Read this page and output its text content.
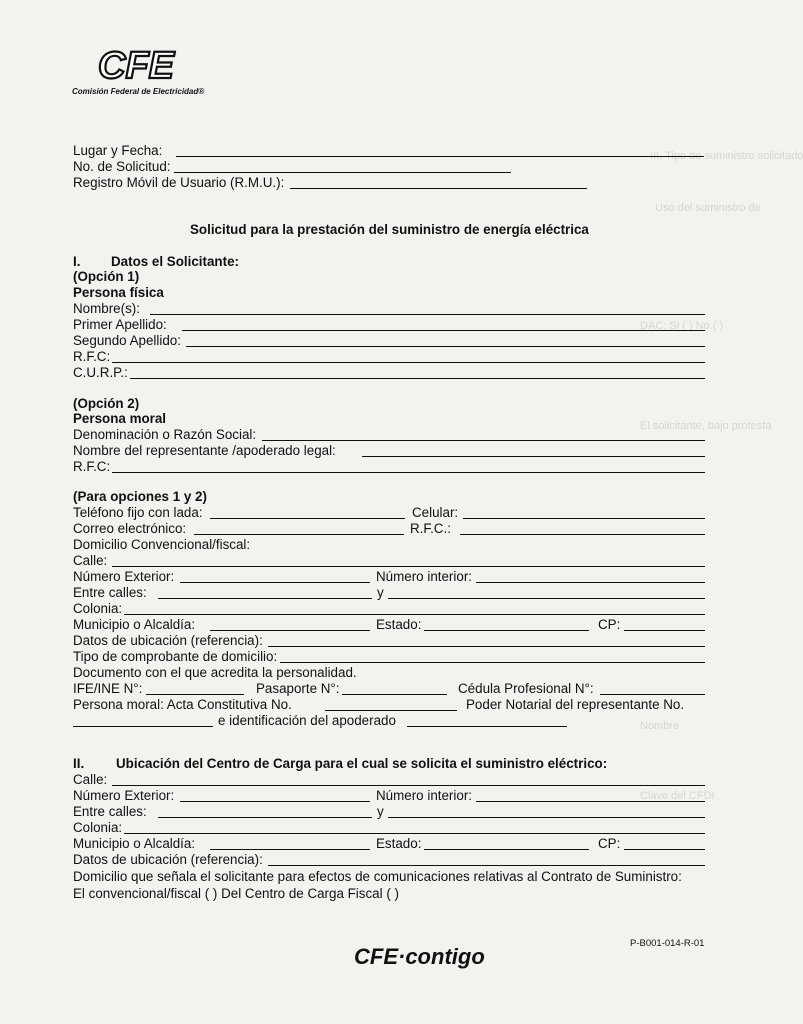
III. Tipo de suministro solicitado
Uso del suministro de
DAC; Si ( ) No ( )
El solicitante, bajo protesta
Nombre
Clave del CFDI
CFE
Comisión Federal de Electricidad®
Lugar y Fecha:
No. de Solicitud:
Registro Móvil de Usuario (R.M.U.):
Solicitud para la prestación del suministro de energía eléctrica
I. Datos el Solicitante:
(Opción 1)
Persona física
Nombre(s):
Primer Apellido:
Segundo Apellido:
R.F.C:
C.U.R.P.:
(Opción 2)
Persona moral
Denominación o Razón Social:
Nombre del representante /apoderado legal:
R.F.C:
(Para opciones 1 y 2)
Teléfono fijo con lada:	Celular:
Correo electrónico:	R.F.C.:
Domicilio Convencional/fiscal:
Calle:
Número Exterior:	Número interior:
Entre calles:	y
Colonia:
Municipio o Alcaldía:	Estado:	CP:
Datos de ubicación (referencia):
Tipo de comprobante de domicilio:
Documento con el que acredita la personalidad.
IFE/INE N°:	Pasaporte N°:	Cédula Profesional N°:
Persona moral: Acta Constitutiva No.	Poder Notarial del representante No.
e identificación del apoderado
II. Ubicación del Centro de Carga para el cual se solicita el suministro eléctrico:
Calle:
Número Exterior:	Número interior:
Entre calles:	y
Colonia:
Municipio o Alcaldía:	Estado:	CP:
Datos de ubicación (referencia):
Domicilio que señala el solicitante para efectos de comunicaciones relativas al Contrato de Suministro:
El convencional/fiscal ( ) Del Centro de Carga Fiscal ( )
P-B001-014-R-01
CFE·contigo
